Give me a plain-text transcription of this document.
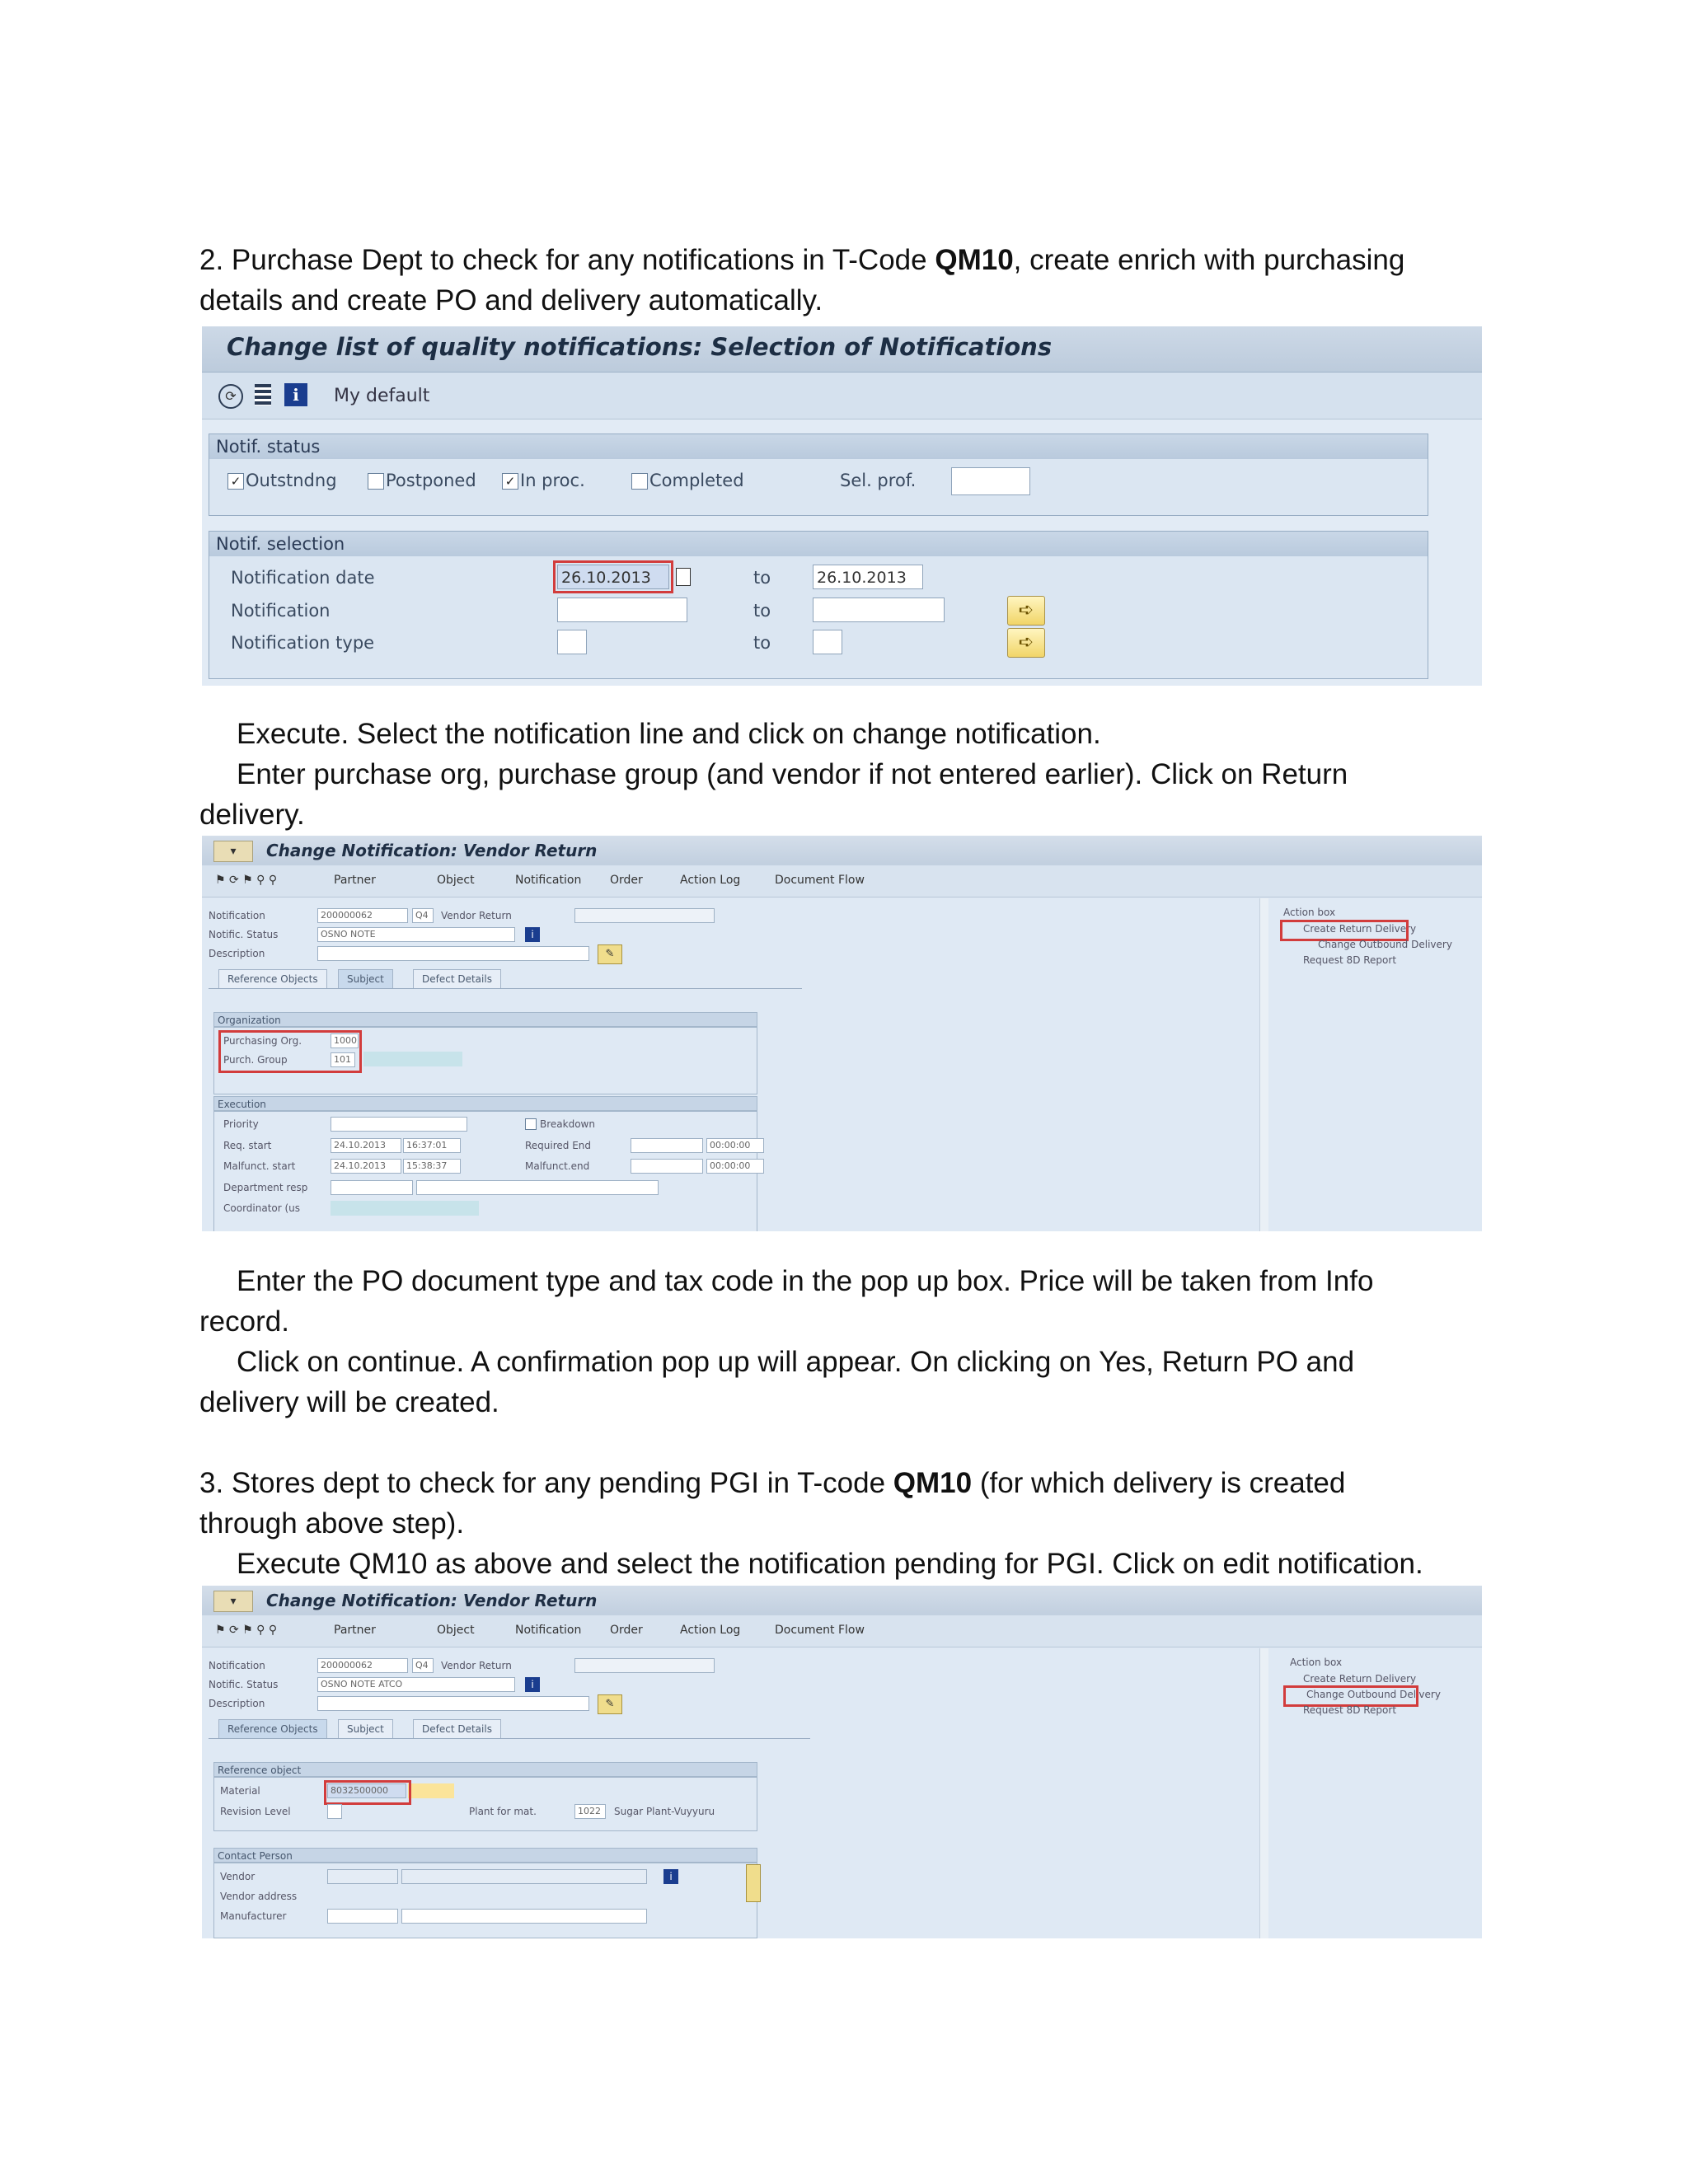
2. Purchase Dept to check for any notifications in T-Code QM10, create enrich with purchasing
details and create PO and delivery automatically.
Change list of quality notifications: Selection of Notifications
⟳	i	My default
Notif. status
✓ Outstndng	Postponed ✓ In proc.	Completed	Sel. prof.
Notif. selection
Notification date	26.10.2013	to	26.10.2013
Notification	to	➪
Notification type	to	➪
Execute. Select the notification line and click on change notification.
Enter purchase org, purchase group (and vendor if not entered earlier). Click on Return
delivery.
▾	Change Notification: Vendor Return
⚑ ⟳ ⚑ ⚲ ⚲	Partner	Object	Notification Order	Action Log	Document Flow
Notification	200000062	Q4	Vendor Return
Notific. Status	OSNO NOTE	i
Description	✎
Reference Objects	Subject	Defect Details
Organization
Purchasing Org.	1000
Purch. Group	101
Execution
Priority	Breakdown
Req. start	24.10.2013	16:37:01	Required End	00:00:00
Malfunct. start	24.10.2013	15:38:37	Malfunct.end	00:00:00
Department resp
Coordinator (us
Action box
Create Return Delivery
Change Outbound Delivery
Request 8D Report
Enter the PO document type and tax code in the pop up box. Price will be taken from Info
record.
Click on continue. A confirmation pop up will appear. On clicking on Yes, Return PO and
delivery will be created.
3. Stores dept to check for any pending PGI in T-code QM10 (for which delivery is created
through above step).
Execute QM10 as above and select the notification pending for PGI. Click on edit notification.
▾	Change Notification: Vendor Return
⚑ ⟳ ⚑ ⚲ ⚲	Partner	Object	Notification Order	Action Log	Document Flow
Notification	200000062	Q4	Vendor Return
Notific. Status	OSNO NOTE ATCO	i
Description	✎
Reference Objects	Subject	Defect Details
Reference object
Material	8032500000
Revision Level	Plant for mat.	1022	Sugar Plant-Vuyyuru
Contact Person
Vendor	i
Vendor address
Manufacturer
Action box
Create Return Delivery
Change Outbound Delivery
Request 8D Report
